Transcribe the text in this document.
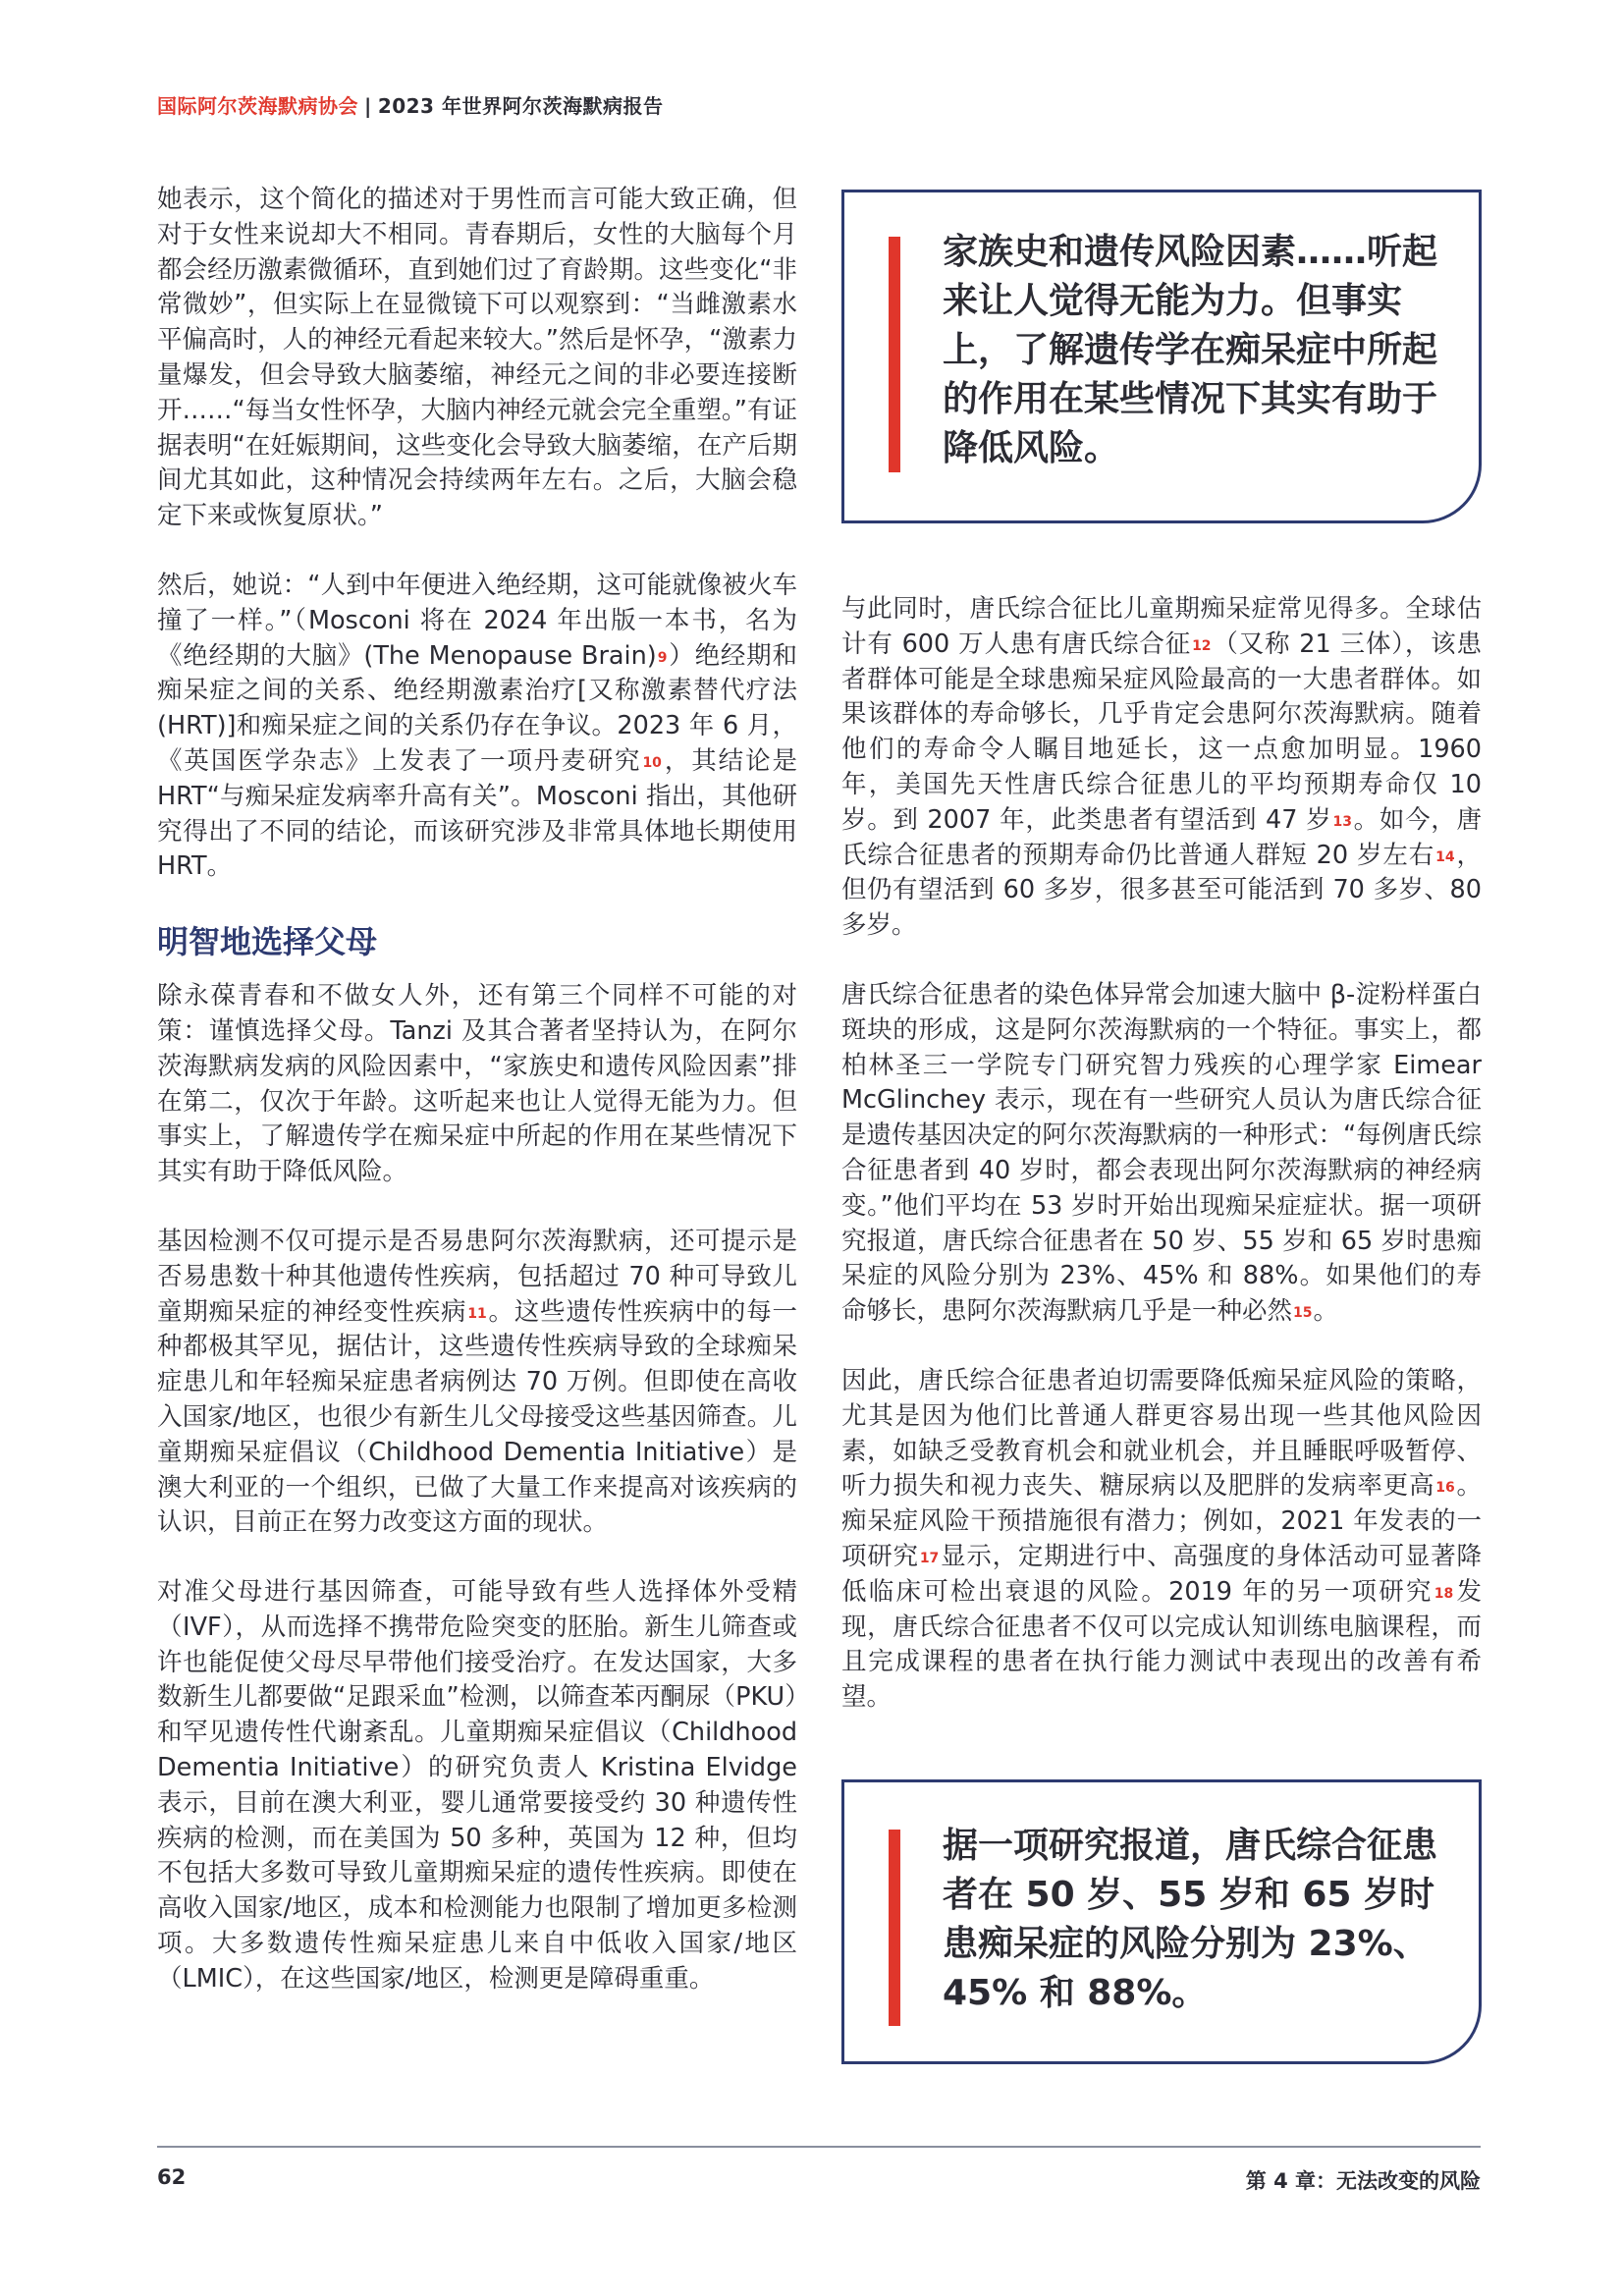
国际阿尔茨海默病协会 | 2023 年世界阿尔茨海默病报告

她表示，这个简化的描述对于男性而言可能大致正确，但对于女性来说却大不相同。青春期后，女性的大脑每个月都会经历激素微循环，直到她们过了育龄期。这些变化“非常微妙”，但实际上在显微镜下可以观察到：“当雌激素水平偏高时，人的神经元看起来较大。”然后是怀孕，“激素力量爆发，但会导致大脑萎缩，神经元之间的非必要连接断开……“每当女性怀孕，大脑内神经元就会完全重塑。”有证据表明“在妊娠期间，这些变化会导致大脑萎缩，在产后期间尤其如此，这种情况会持续两年左右。之后，大脑会稳定下来或恢复原状。”

然后，她说：“人到中年便进入绝经期，这可能就像被火车撞了一样。”（Mosconi 将在 2024 年出版一本书，名为《绝经期的大脑》(The Menopause Brain)$^9$）绝经期和痴呆症之间的关系、绝经期激素治疗[又称激素替代疗法(HRT)]和痴呆症之间的关系仍存在争议。2023 年 6 月，《英国医学杂志》上发表了一项丹麦研究$^{10}$，其结论是 HRT“与痴呆症发病率升高有关”。Mosconi 指出，其他研究得出了不同的结论，而该研究涉及非常具体地长期使用 HRT。

明智地选择父母

除永葆青春和不做女人外，还有第三个同样不可能的对策：谨慎选择父母。Tanzi 及其合著者坚持认为，在阿尔茨海默病发病的风险因素中，“家族史和遗传风险因素”排在第二，仅次于年龄。这听起来也让人觉得无能为力。但事实上，了解遗传学在痴呆症中所起的作用在某些情况下其实有助于降低风险。

基因检测不仅可提示是否易患阿尔茨海默病，还可提示是否易患数十种其他遗传性疾病，包括超过 70 种可导致儿童期痴呆症的神经变性疾病$^{11}$。这些遗传性疾病中的每一种都极其罕见，据估计，这些遗传性疾病导致的全球痴呆症患儿和年轻痴呆症患者病例达 70 万例。但即使在高收入国家/地区，也很少有新生儿父母接受这些基因筛查。儿童期痴呆症倡议（Childhood Dementia Initiative）是澳大利亚的一个组织，已做了大量工作来提高对该疾病的认识，目前正在努力改变这方面的现状。

对准父母进行基因筛查，可能导致有些人选择体外受精（IVF），从而选择不携带危险突变的胚胎。新生儿筛查或许也能促使父母尽早带他们接受治疗。在发达国家，大多数新生儿都要做“足跟采血”检测，以筛查苯丙酮尿（PKU）和罕见遗传性代谢紊乱。儿童期痴呆症倡议（Childhood Dementia Initiative）的研究负责人 Kristina Elvidge 表示，目前在澳大利亚，婴儿通常要接受约 30 种遗传性疾病的检测，而在美国为 50 多种，英国为 12 种，但均不包括大多数可导致儿童期痴呆症的遗传性疾病。即使在高收入国家/地区，成本和检测能力也限制了增加更多检测项。大多数遗传性痴呆症患儿来自中低收入国家/地区（LMIC），在这些国家/地区，检测更是障碍重重。

家族史和遗传风险因素……听起来让人觉得无能为力。但事实上，了解遗传学在痴呆症中所起的作用在某些情况下其实有助于降低风险。

与此同时，唐氏综合征比儿童期痴呆症常见得多。全球估计有 600 万人患有唐氏综合征$^{12}$（又称 21 三体），该患者群体可能是全球患痴呆症风险最高的一大患者群体。如果该群体的寿命够长，几乎肯定会患阿尔茨海默病。随着他们的寿命令人瞩目地延长，这一点愈加明显。1960 年，美国先天性唐氏综合征患儿的平均预期寿命仅 10 岁。到 2007 年，此类患者有望活到 47 岁$^{13}$。如今，唐氏综合征患者的预期寿命仍比普通人群短 20 岁左右$^{14}$，但仍有望活到 60 多岁，很多甚至可能活到 70 多岁、80 多岁。

唐氏综合征患者的染色体异常会加速大脑中 β-淀粉样蛋白斑块的形成，这是阿尔茨海默病的一个特征。事实上，都柏林圣三一学院专门研究智力残疾的心理学家 Eimear McGlinchey 表示，现在有一些研究人员认为唐氏综合征是遗传基因决定的阿尔茨海默病的一种形式：“每例唐氏综合征患者到 40 岁时，都会表现出阿尔茨海默病的神经病变。”他们平均在 53 岁时开始出现痴呆症症状。据一项研究报道，唐氏综合征患者在 50 岁、55 岁和 65 岁时患痴呆症的风险分别为 23%、45% 和 88%。如果他们的寿命够长，患阿尔茨海默病几乎是一种必然$^{15}$。

因此，唐氏综合征患者迫切需要降低痴呆症风险的策略，尤其是因为他们比普通人群更容易出现一些其他风险因素，如缺乏受教育机会和就业机会，并且睡眠呼吸暂停、听力损失和视力丧失、糖尿病以及肥胖的发病率更高$^{16}$。痴呆症风险干预措施很有潜力；例如，2021 年发表的一项研究$^{17}$显示，定期进行中、高强度的身体活动可显著降低临床可检出衰退的风险。2019 年的另一项研究$^{18}$发现，唐氏综合征患者不仅可以完成认知训练电脑课程，而且完成课程的患者在执行能力测试中表现出的改善有希望。

据一项研究报道，唐氏综合征患者在 50 岁、55 岁和 65 岁时患痴呆症的风险分别为 23%、45% 和 88%。
62	第 4 章：无法改变的风险
